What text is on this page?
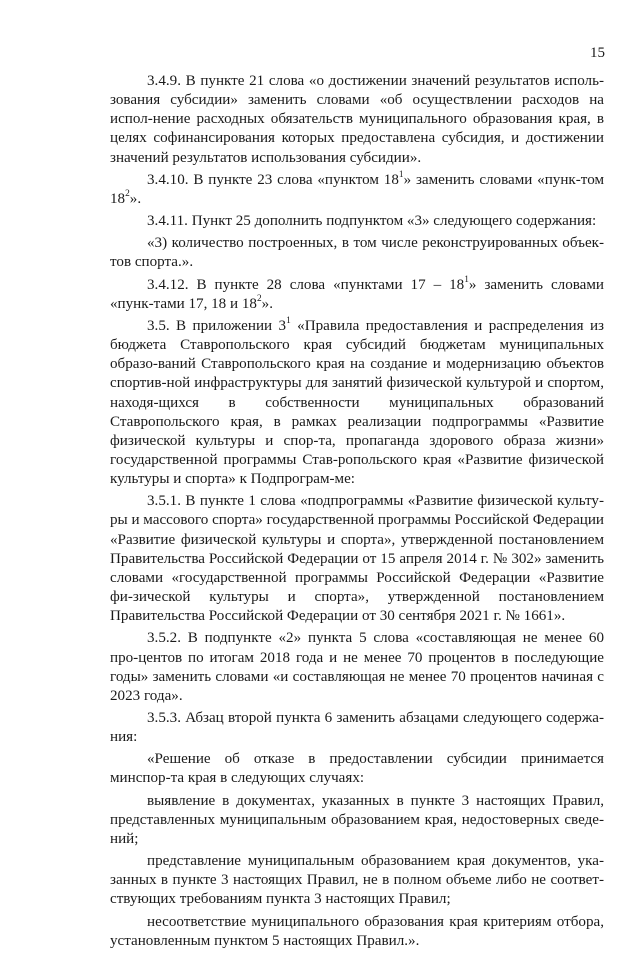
15

3.4.9. В пункте 21 слова «о достижении значений результатов исполь-зования субсидии» заменить словами «об осуществлении расходов на испол-нение расходных обязательств муниципального образования края, в целях софинансирования которых предоставлена субсидия, и достижении значений результатов использования субсидии».

3.4.10. В пункте 23 слова «пунктом $18^1$» заменить словами «пунк-том $18^2$».

3.4.11. Пункт 25 дополнить подпунктом «3» следующего содержания:

«3) количество построенных, в том числе реконструированных объек-тов спорта.».

3.4.12. В пункте 28 слова «пунктами $17 - 18^1$» заменить словами «пунк-тами 17, 18 и $18^2$».

3.5. В приложении $3^1$ «Правила предоставления и распределения из бюджета Ставропольского края субсидий бюджетам муниципальных образо-ваний Ставропольского края на создание и модернизацию объектов спортив-ной инфраструктуры для занятий физической культурой и спортом, находя-щихся в собственности муниципальных образований Ставропольского края, в рамках реализации подпрограммы «Развитие физической культуры и спор-та, пропаганда здорового образа жизни» государственной программы Став-ропольского края «Развитие физической культуры и спорта» к Подпрограм-ме:

3.5.1. В пункте 1 слова «подпрограммы «Развитие физической культу-ры и массового спорта» государственной программы Российской Федерации «Развитие физической культуры и спорта», утвержденной постановлением Правительства Российской Федерации от 15 апреля 2014 г. № 302» заменить словами «государственной программы Российской Федерации «Развитие фи-зической культуры и спорта», утвержденной постановлением Правительства Российской Федерации от 30 сентября 2021 г. № 1661».

3.5.2. В подпункте «2» пункта 5 слова «составляющая не менее 60 про-центов по итогам 2018 года и не менее 70 процентов в последующие годы» заменить словами «и составляющая не менее 70 процентов начиная с 2023 года».

3.5.3. Абзац второй пункта 6 заменить абзацами следующего содержа-ния:

«Решение об отказе в предоставлении субсидии принимается минспор-та края в следующих случаях:

выявление в документах, указанных в пункте 3 настоящих Правил, представленных муниципальным образованием края, недостоверных сведе-ний;

представление муниципальным образованием края документов, ука-занных в пункте 3 настоящих Правил, не в полном объеме либо не соответ-ствующих требованиям пункта 3 настоящих Правил;

несоответствие муниципального образования края критериям отбора, установленным пунктом 5 настоящих Правил.».
